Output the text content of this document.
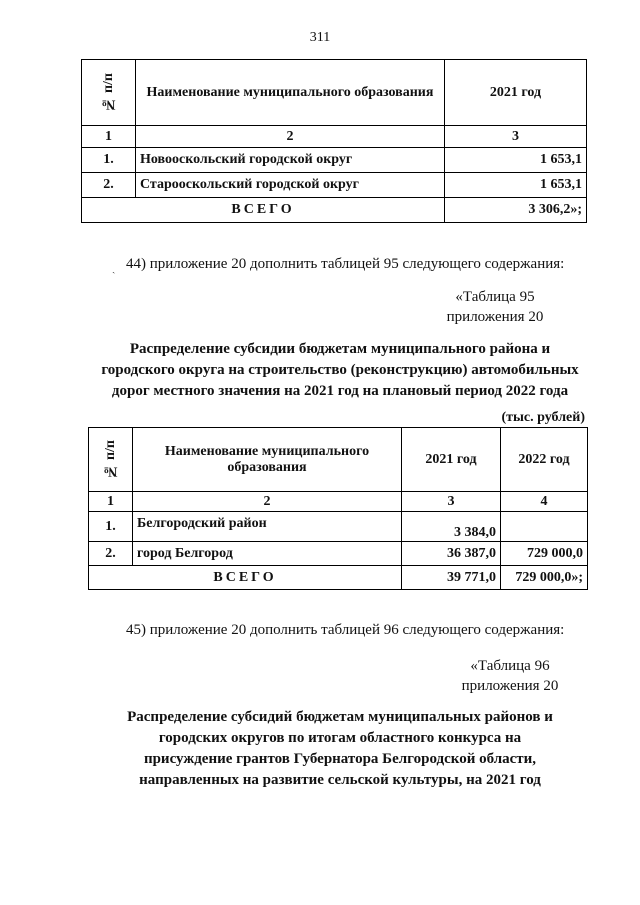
311
№ п/п	Наименование муниципального образования	2021 год
1	2	3
1.	Новооскольский городской округ	1 653,1
2.	Старооскольский городской округ	1 653,1
ВСЕГО		3 306,2»;
ˏ 44) приложение 20 дополнить таблицей 95 следующего содержания:
«Таблица 95
приложения 20
Распределение субсидии бюджетам муниципального района и
городского округа на строительство (реконструкцию) автомобильных
дорог местного значения на 2021 год на плановый период 2022 года
(тыс. рублей)
№ п/п	Наименование муниципального образования	2021 год	2022 год
1	2	3	4
1.	Белгородский район	3 384,0	
2.	город Белгород	36 387,0	729 000,0
ВСЕГО		39 771,0	729 000,0»;
45) приложение 20 дополнить таблицей 96 следующего содержания:
«Таблица 96
приложения 20
Распределение субсидий бюджетам муниципальных районов и
городских округов по итогам областного конкурса на
присуждение грантов Губернатора Белгородской области,
направленных на развитие сельской культуры, на 2021 год
